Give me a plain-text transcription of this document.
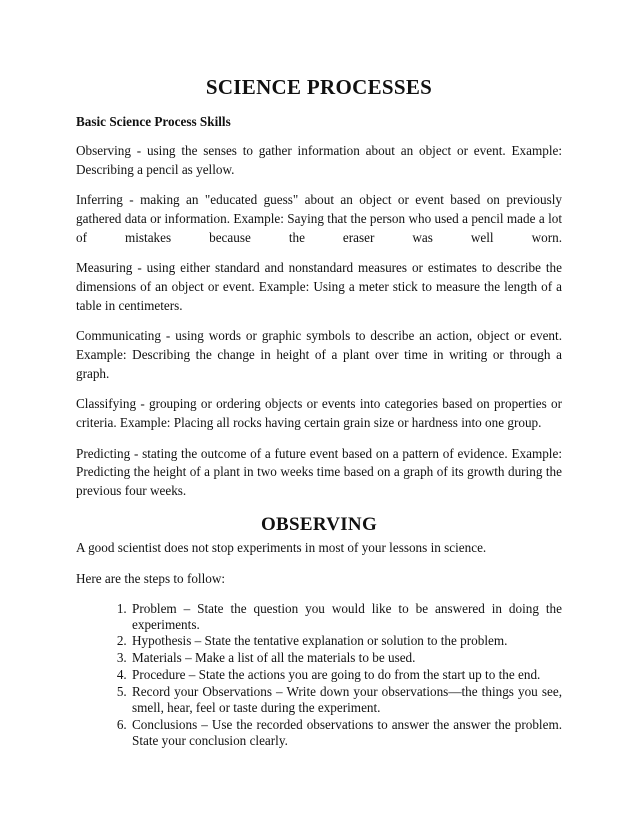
SCIENCE PROCESSES
Basic Science Process Skills

Observing - using the senses to gather information about an object or event. Example: Describing a pencil as yellow.

Inferring - making an "educated guess" about an object or event based on previously gathered data or information. Example: Saying that the person who used a pencil made a lot of mistakes because the eraser was well worn.

Measuring - using either standard and nonstandard measures or estimates to describe the dimensions of an object or event. Example: Using a meter stick to measure the length of a table in centimeters.

Communicating - using words or graphic symbols to describe an action, object or event. Example: Describing the change in height of a plant over time in writing or through a graph.

Classifying - grouping or ordering objects or events into categories based on properties or criteria. Example: Placing all rocks having certain grain size or hardness into one group.

Predicting - stating the outcome of a future event based on a pattern of evidence. Example: Predicting the height of a plant in two weeks time based on a graph of its growth during the previous four weeks.

OBSERVING

A good scientist does not stop experiments in most of your lessons in science.

Here are the steps to follow:

1. Problem – State the question you would like to be answered in doing the experiments.
2. Hypothesis – State the tentative explanation or solution to the problem.
3. Materials – Make a list of all the materials to be used.
4. Procedure – State the actions you are going to do from the start up to the end.
5. Record your Observations – Write down your observations—the things you see, smell, hear, feel or taste during the experiment.
6. Conclusions – Use the recorded observations to answer the answer the problem. State your conclusion clearly.
